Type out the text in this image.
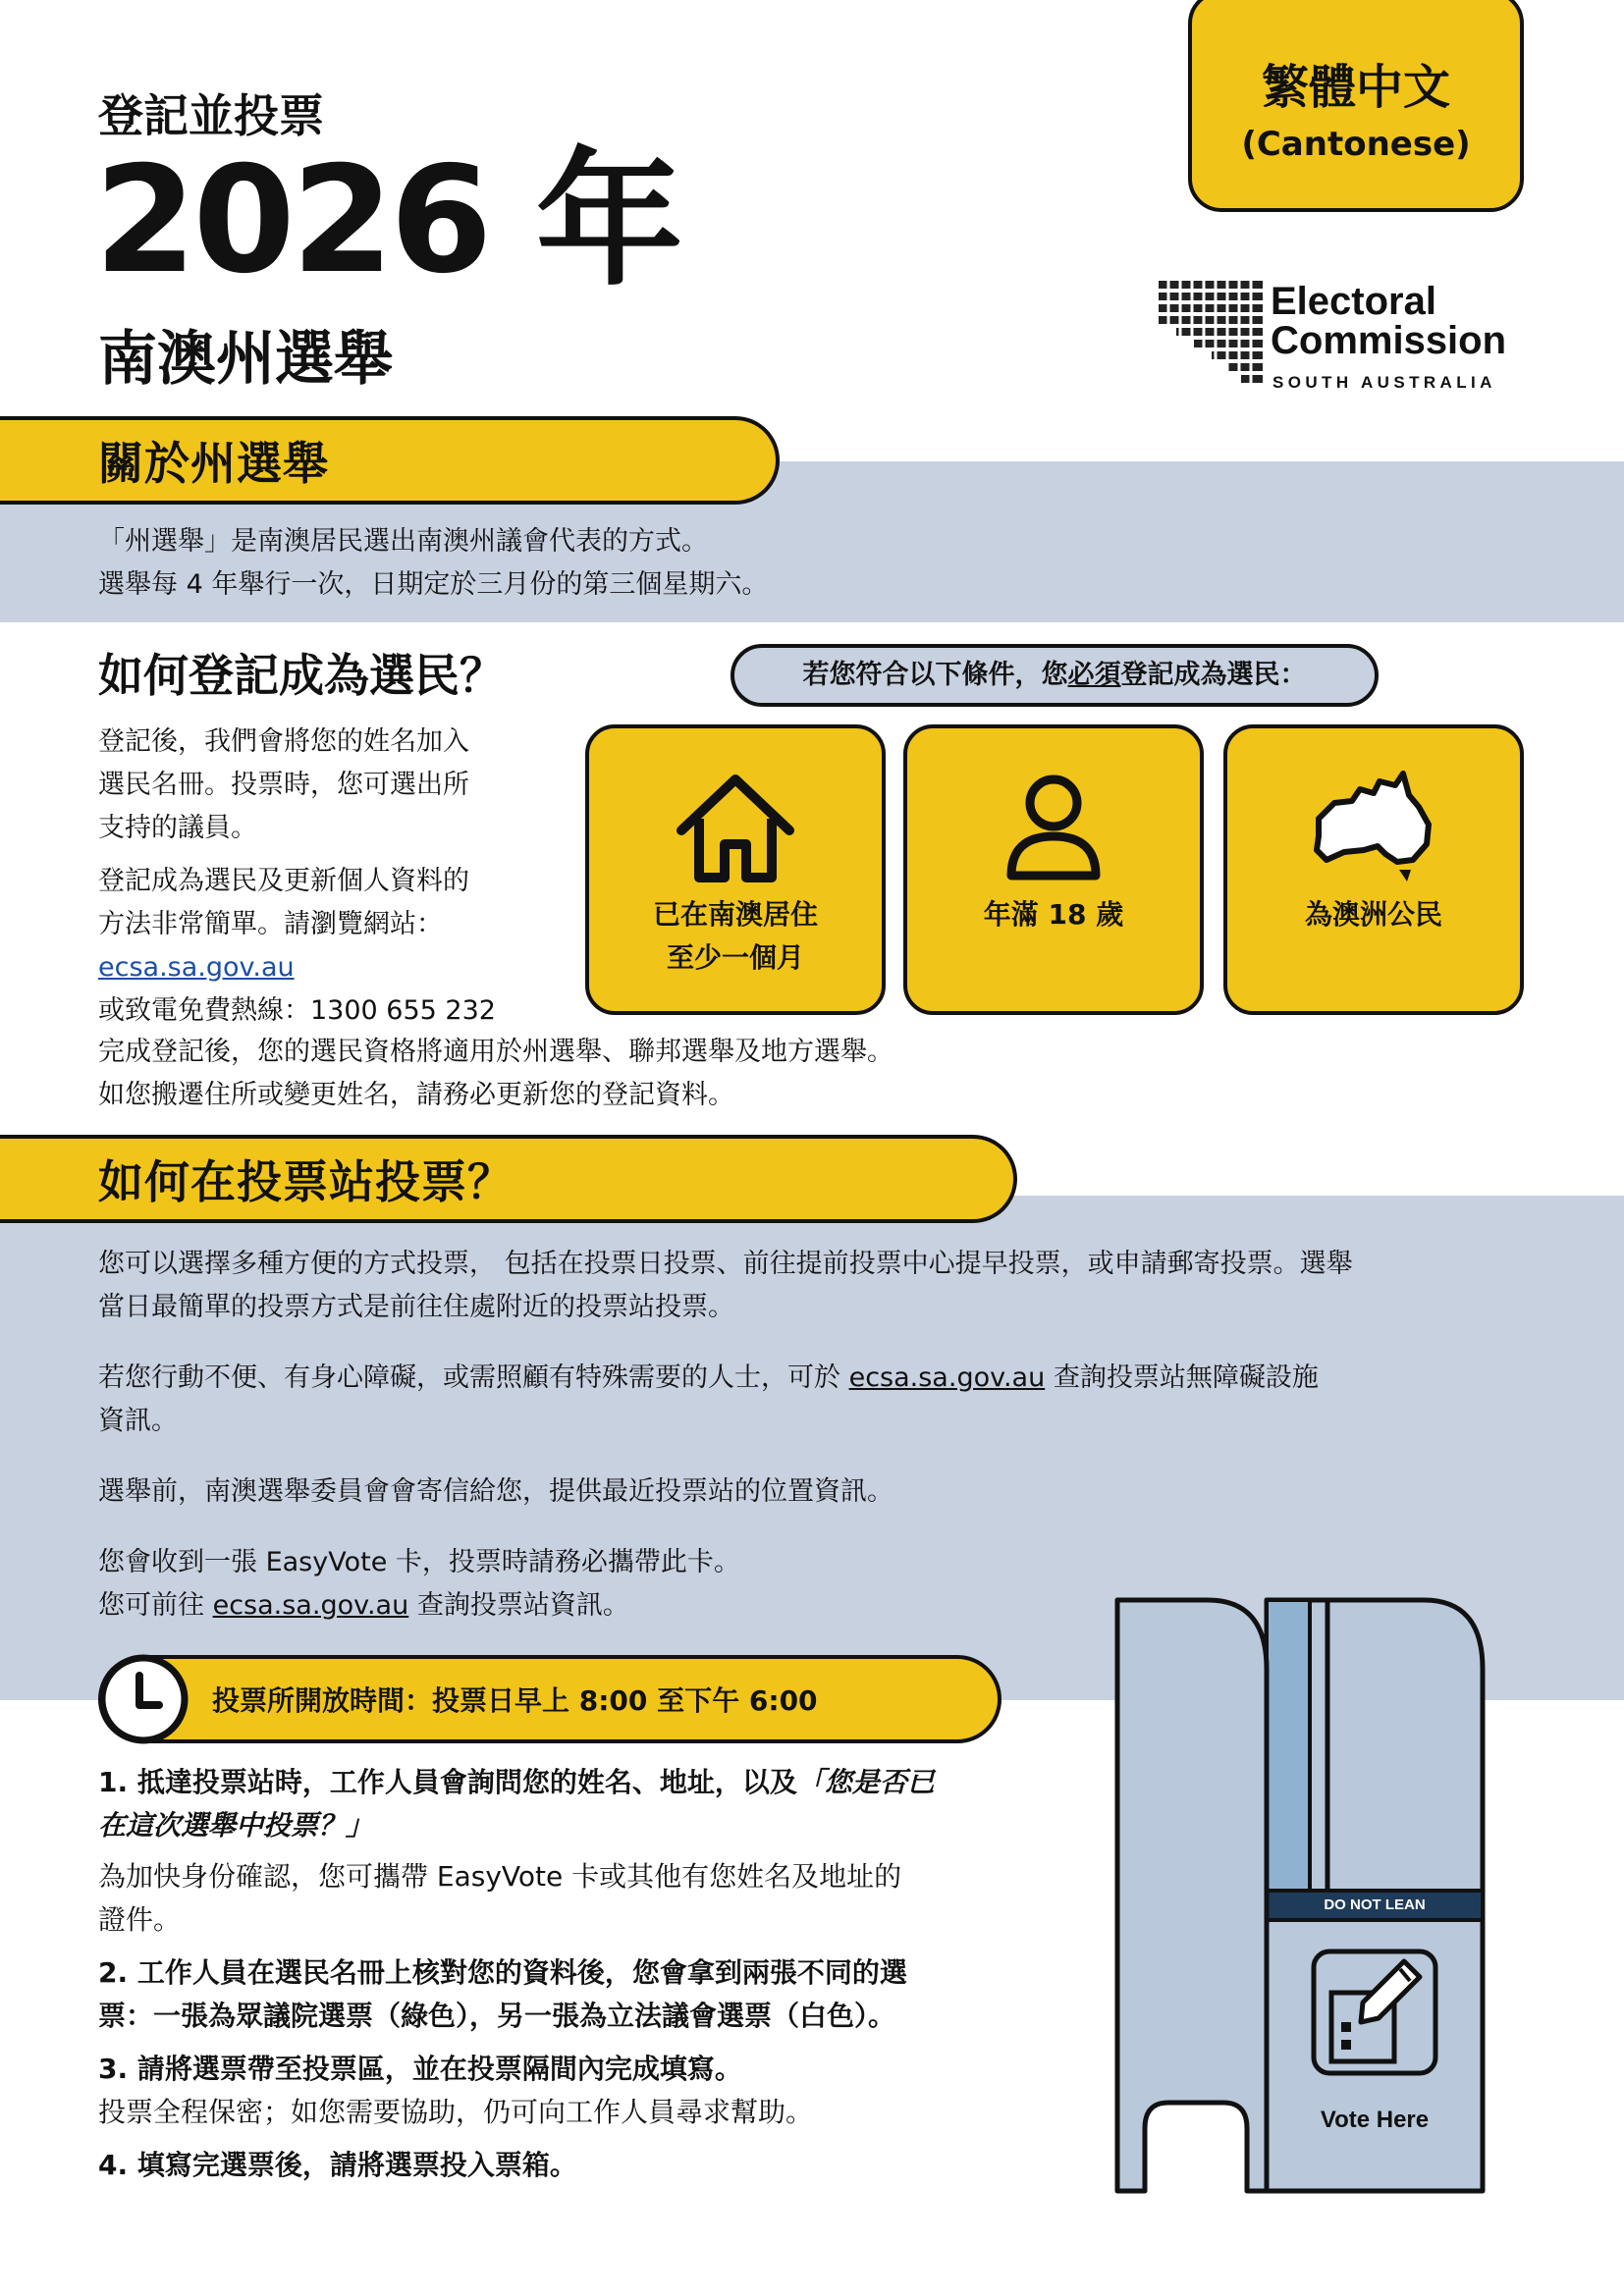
登記並投票
2026 年
南澳州選舉
繁體中文
(Cantonese)
Electoral
Commission
SOUTH AUSTRALIA
關於州選舉
「州選舉」是南澳居民選出南澳州議會代表的方式。
選舉每 4 年舉行一次，日期定於三月份的第三個星期六。
如何登記成為選民？	若您符合以下條件，您必須登記成為選民：
登記後，我們會將您的姓名加入
選民名冊。投票時，您可選出所
支持的議員。
登記成為選民及更新個人資料的
方法非常簡單。請瀏覽網站：
ecsa.sa.gov.au
或致電免費熱線：1300 655 232
已在南澳居住
至少一個月
年滿 18 歲	為澳洲公民
完成登記後，您的選民資格將適用於州選舉、聯邦選舉及地方選舉。
如您搬遷住所或變更姓名，請務必更新您的登記資料。
如何在投票站投票？
您可以選擇多種方便的方式投票， 包括在投票日投票、前往提前投票中心提早投票，或申請郵寄投票。選舉
當日最簡單的投票方式是前往住處附近的投票站投票。
若您行動不便、有身心障礙，或需照顧有特殊需要的人士，可於 ecsa.sa.gov.au 查詢投票站無障礙設施
資訊。
選舉前，南澳選舉委員會會寄信給您，提供最近投票站的位置資訊。
您會收到一張 EasyVote 卡，投票時請務必攜帶此卡。
您可前往 ecsa.sa.gov.au 查詢投票站資訊。
投票所開放時間：投票日早上 8:00 至下午 6:00
1. 抵達投票站時，工作人員會詢問您的姓名、地址，以及「您是否已
在這次選舉中投票？」
為加快身份確認，您可攜帶 EasyVote 卡或其他有您姓名及地址的
證件。
2. 工作人員在選民名冊上核對您的資料後，您會拿到兩張不同的選
票：一張為眾議院選票（綠色），另一張為立法議會選票（白色）。
3. 請將選票帶至投票區，並在投票隔間內完成填寫。
投票全程保密；如您需要協助，仍可向工作人員尋求幫助。
4. 填寫完選票後，請將選票投入票箱。
DO NOT LEAN
Vote Here
